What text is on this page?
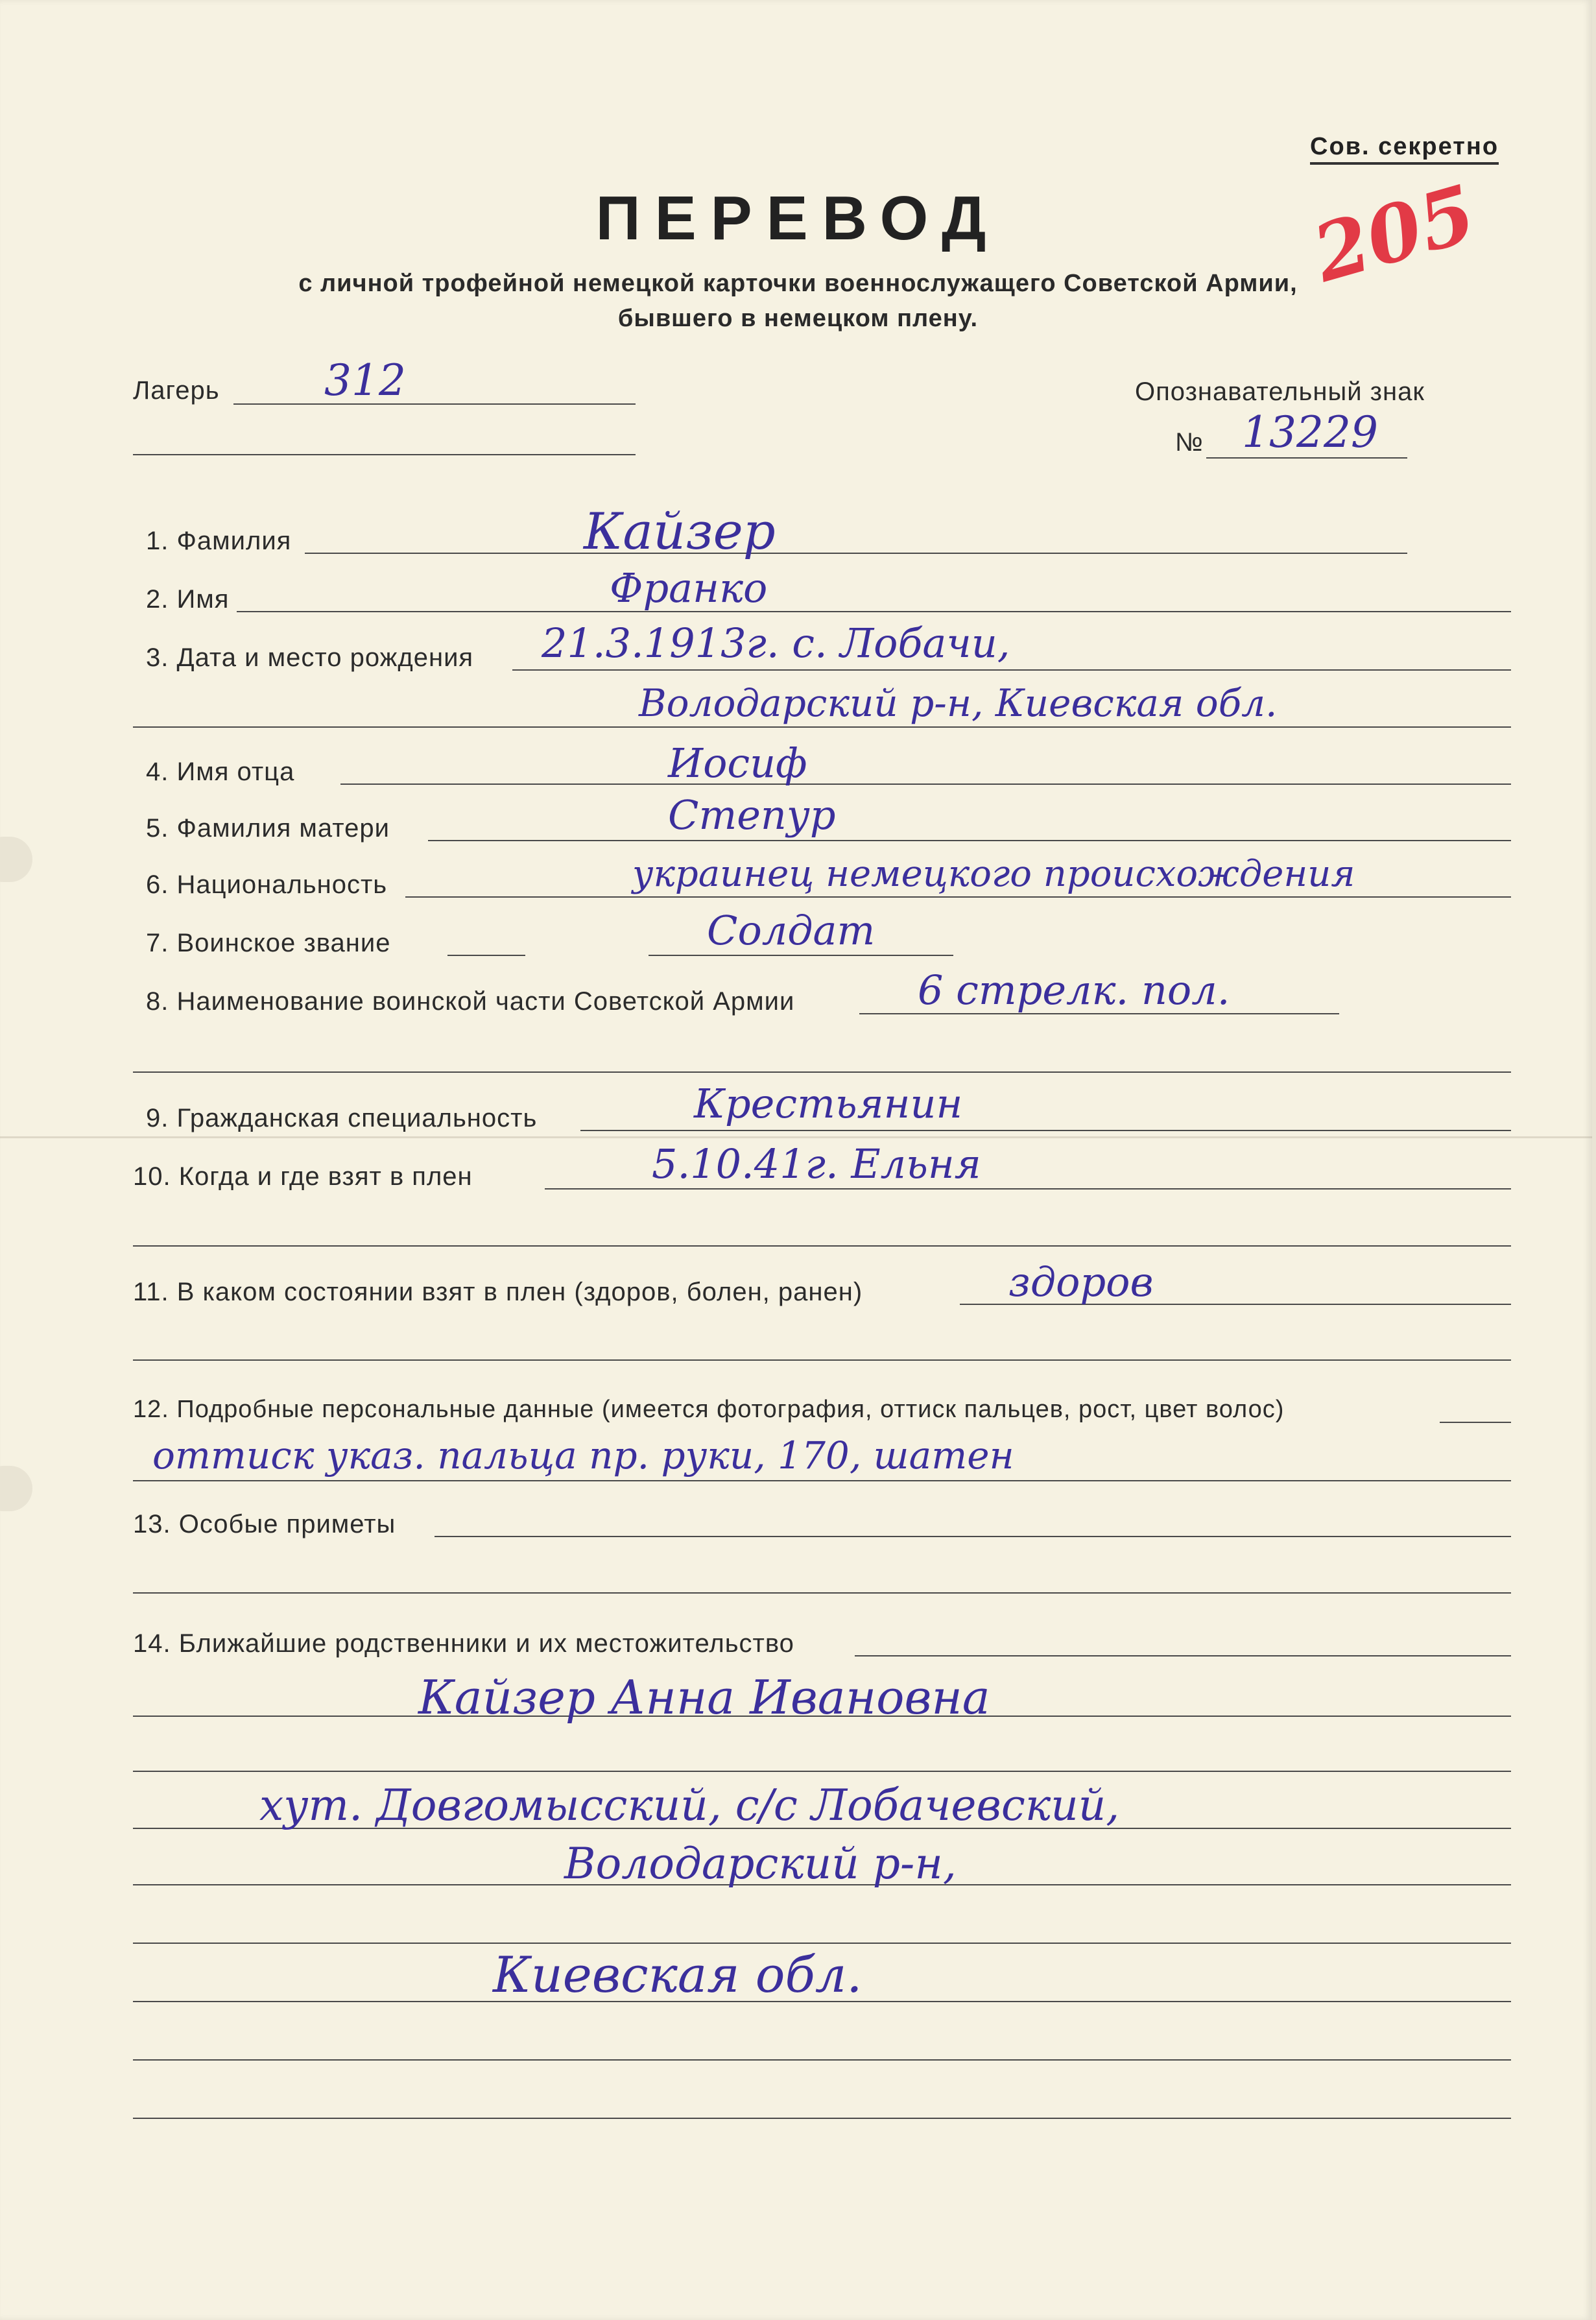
Сов. секретно
205
ПЕРЕВОД
с личной трофейной немецкой карточки военнослужащего Советской Армии,
бывшего в немецком плену.
Лагерь 312	Опознавательный знак
№ 13229
1. Фамилия	Кайзер
2. Имя	Франко
3. Дата и место рождения 21.3.1913г. с. Лобачи,
Володарский р-н, Киевская обл.
4. Имя отца	Иосиф
5. Фамилия матери	Степур
6. Национальность	украинец немецкого происхождения
7. Воинское звание	Солдат
8. Наименование воинской части Советской Армии	6 стрелк. пол.
9. Гражданская специальность	Крестьянин
10. Когда и где взят в плен	5.10.41г. Ельня
11. В каком состоянии взят в плен (здоров, болен, ранен)	здоров
12. Подробные персональные данные (имеется фотография, оттиск пальцев, рост, цвет волос)
оттиск указ. пальца пр. руки, 170, шатен
13. Особые приметы
14. Ближайшие родственники и их местожительство
Кайзер Анна Ивановна
хут. Довгомысский, с/с Лобачевский,
Володарский р-н,
Киевская обл.
